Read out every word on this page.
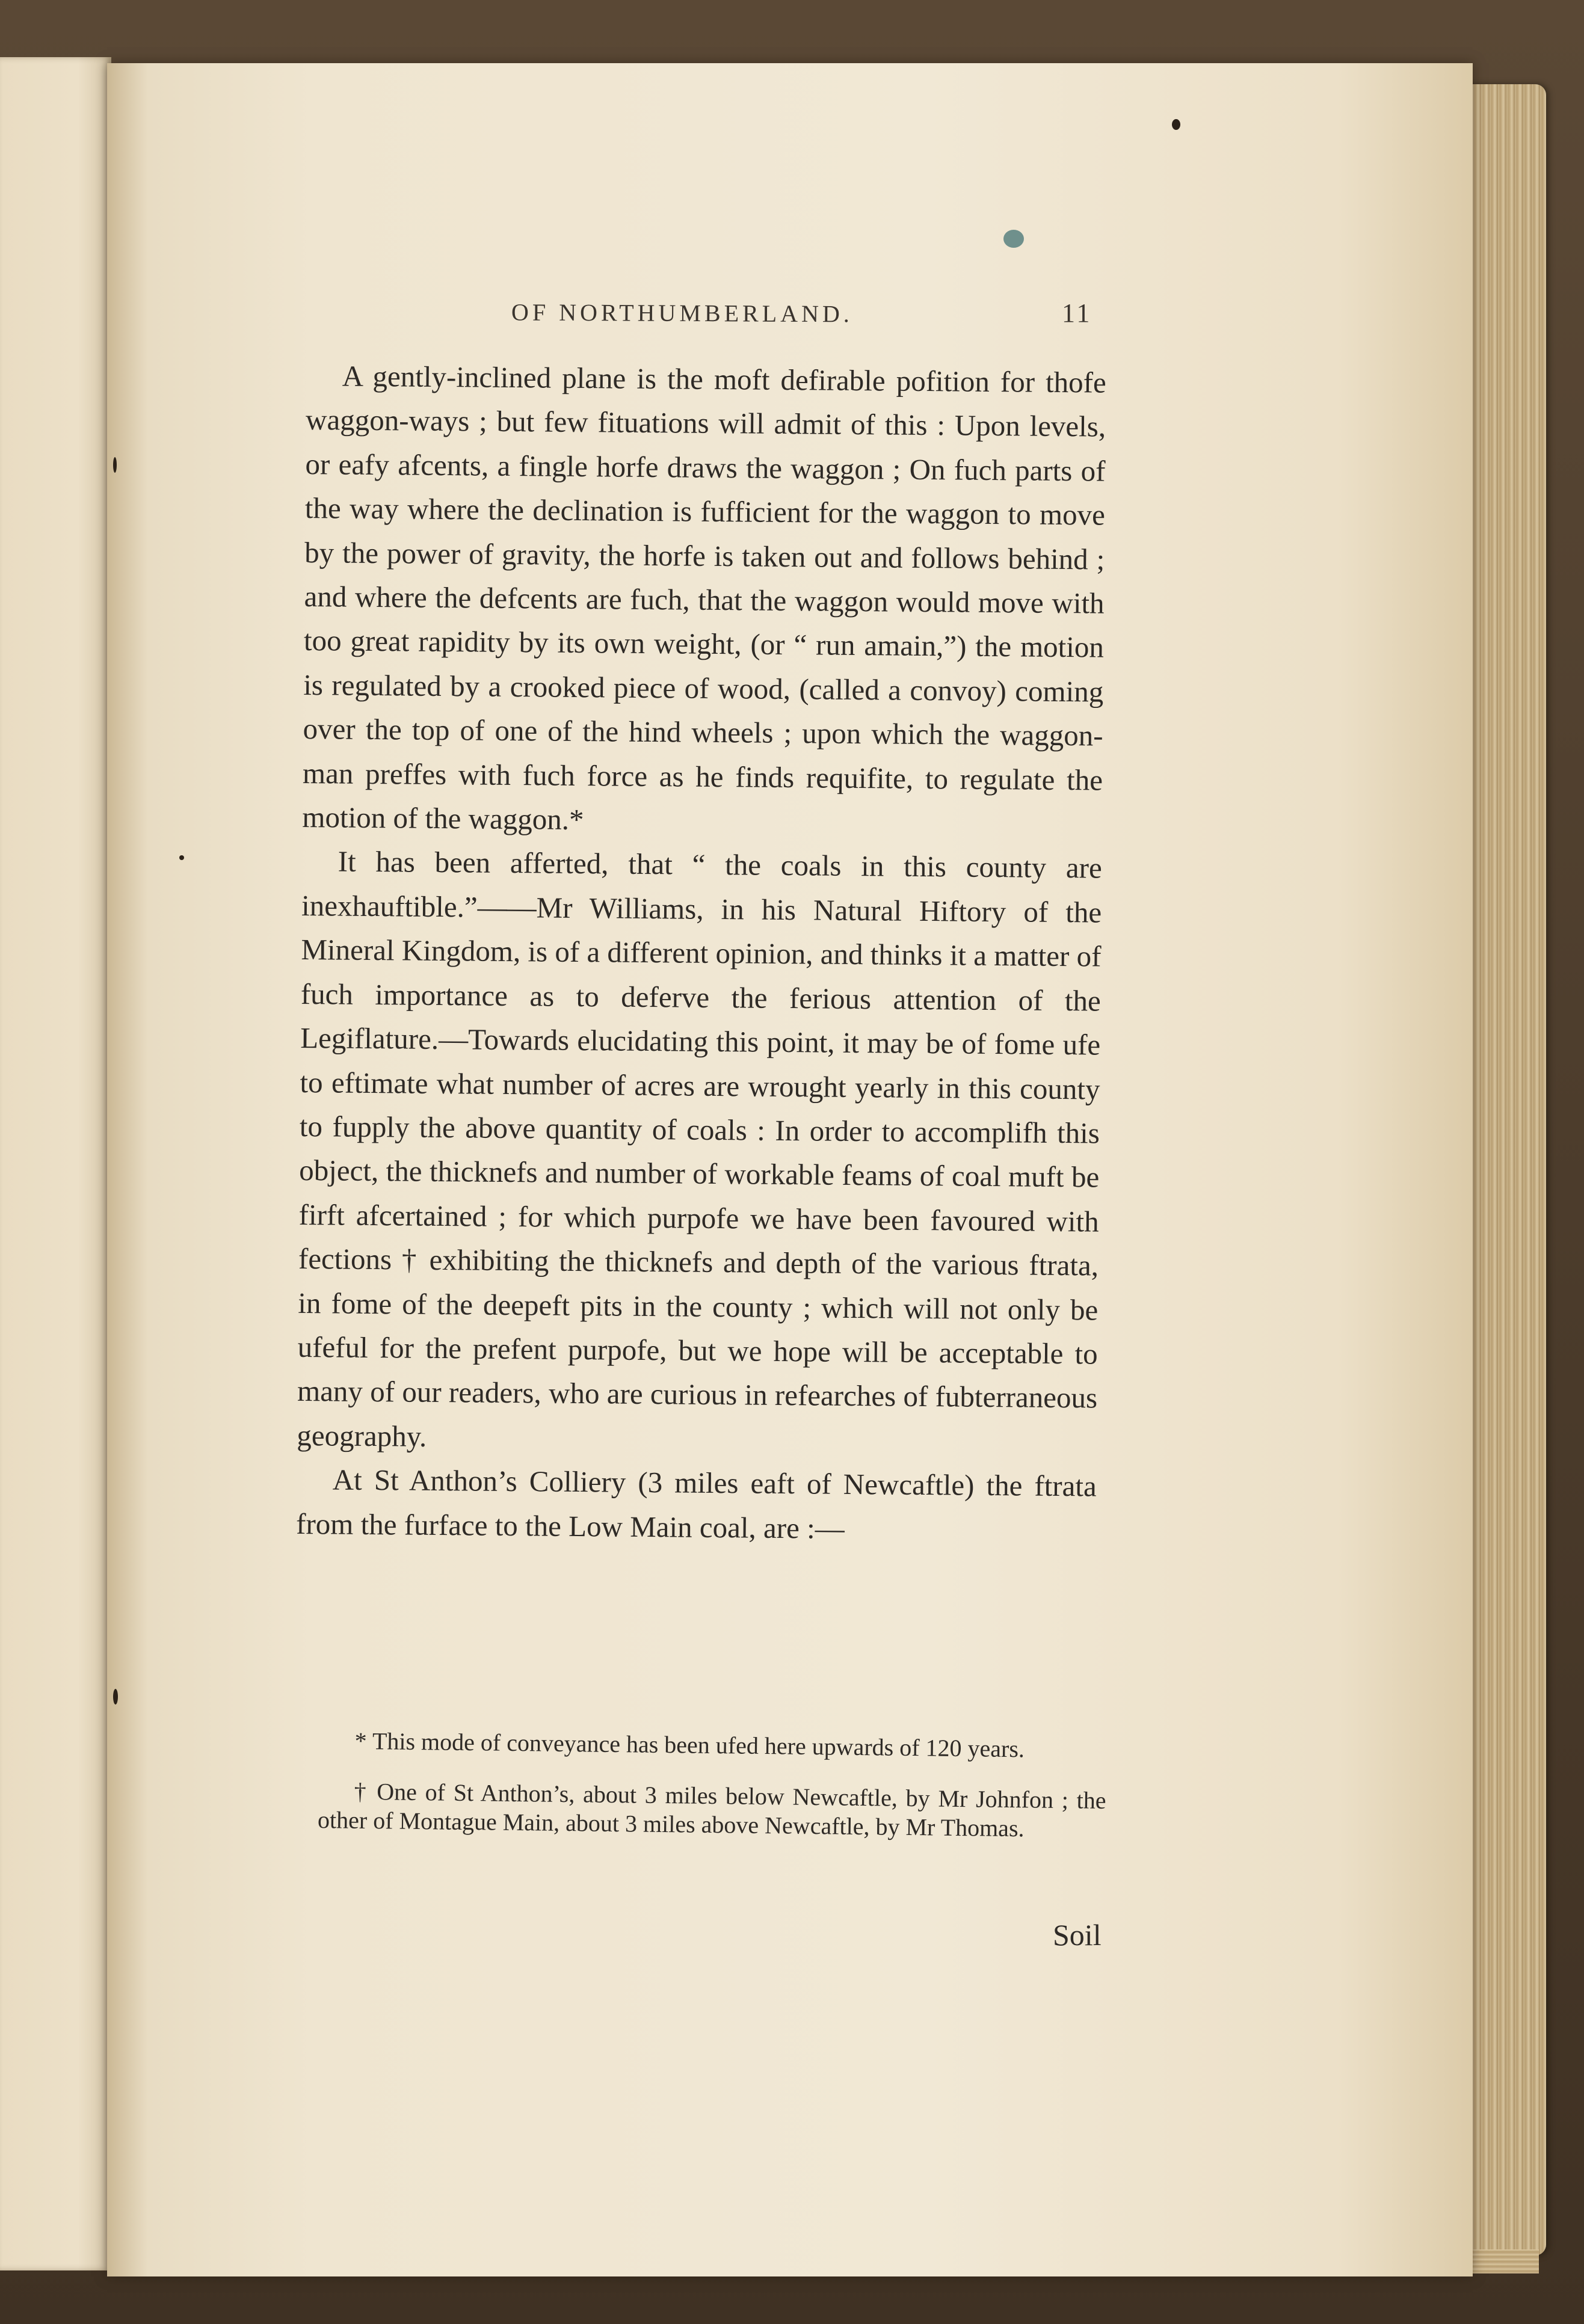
OF NORTHUMBERLAND.	11

A gently-inclined plane is the moft defirable pofition for thofe waggon-ways ; but few fituations will admit of this : Upon levels, or eafy afcents, a fingle horfe draws the waggon ; On fuch parts of the way where the declination is fufficient for the waggon to move by the power of gravity, the horfe is taken out and follows behind ; and where the defcents are fuch, that the waggon would move with too great rapidity by its own weight, (or “ run amain,”) the motion is regulated by a crooked piece of wood, (called a convoy) coming over the top of one of the hind wheels ; upon which the waggon-man preffes with fuch force as he finds requifite, to regulate the motion of the waggon.*

It has been afferted, that “ the coals in this county are inexhauftible.”——Mr Williams, in his Natural Hiftory of the Mineral Kingdom, is of a different opinion, and thinks it a matter of fuch importance as to deferve the ferious attention of the Legiflature.—Towards elucidating this point, it may be of fome ufe to eftimate what number of acres are wrought yearly in this county to fupply the above quantity of coals : In order to accomplifh this object, the thicknefs and number of workable feams of coal muft be firft afcertained ; for which purpofe we have been favoured with fections † exhibiting the thicknefs and depth of the various ftrata, in fome of the deepeft pits in the county ; which will not only be ufeful for the prefent purpofe, but we hope will be acceptable to many of our readers, who are curious in refearches of fubterraneous geography.

At St Anthon’s Colliery (3 miles eaft of Newcaftle) the ftrata from the furface to the Low Main coal, are :—

* This mode of conveyance has been ufed here upwards of 120 years.

† One of St Anthon’s, about 3 miles below Newcaftle, by Mr Johnfon ; the other of Montague Main, about 3 miles above Newcaftle, by Mr Thomas.

Soil
